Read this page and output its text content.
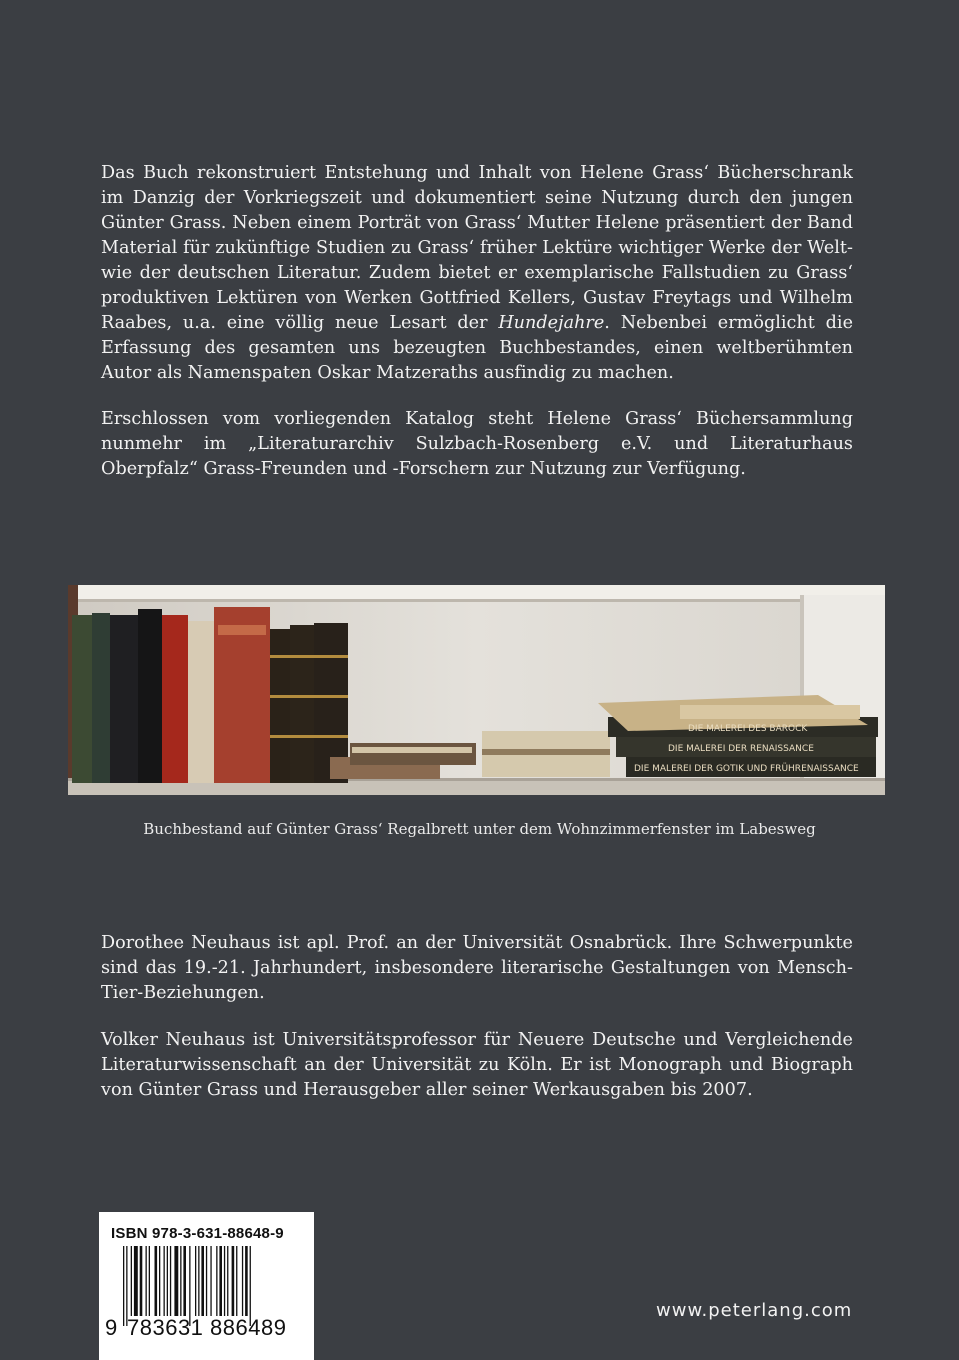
Das Buch rekonstruiert Entstehung und Inhalt von Helene Grass‘ Bücherschrank im Danzig der Vorkriegszeit und dokumentiert seine Nutzung durch den jungen Günter Grass. Neben einem Porträt von Grass‘ Mutter Helene präsentiert der Band Material für zukünftige Studien zu Grass‘ früher Lektüre wichtiger Werke der Welt- wie der deutschen Literatur. Zudem bietet er exemplarische Fallstudien zu Grass‘ produktiven Lektüren von Werken Gottfried Kellers, Gustav Freytags und Wilhelm Raabes, u.a. eine völlig neue Lesart der Hundejahre. Nebenbei ermöglicht die Erfassung des gesamten uns bezeugten Buchbestandes, einen weltberühmten Autor als Namenspaten Oskar Matzeraths ausfindig zu machen.

Erschlossen vom vorliegenden Katalog steht Helene Grass‘ Büchersammlung nunmehr im „Literaturarchiv Sulzbach-Rosenberg e.V. und Literaturhaus Oberpfalz“ Grass-Freunden und -Forschern zur Nutzung zur Verfügung.

DIE MALEREI DES BAROCK
DIE MALEREI DER RENAISSANCE
DIE MALEREI DER GOTIK UND FRÜHRENAISSANCE
Buchbestand auf Günter Grass‘ Regalbrett unter dem Wohnzimmerfenster im Labesweg

Dorothee Neuhaus ist apl. Prof. an der Universität Osnabrück. Ihre Schwerpunkte sind das 19.-21. Jahrhundert, insbesondere literarische Gestaltungen von Mensch-Tier-Beziehungen.

Volker Neuhaus ist Universitätsprofessor für Neuere Deutsche und Vergleichende Literaturwissenschaft an der Universität zu Köln. Er ist Monograph und Biograph von Günter Grass und Herausgeber aller seiner Werkausgaben bis 2007.

ISBN 978-3-631-88648-9
9 783631 886489
www.peterlang.com
